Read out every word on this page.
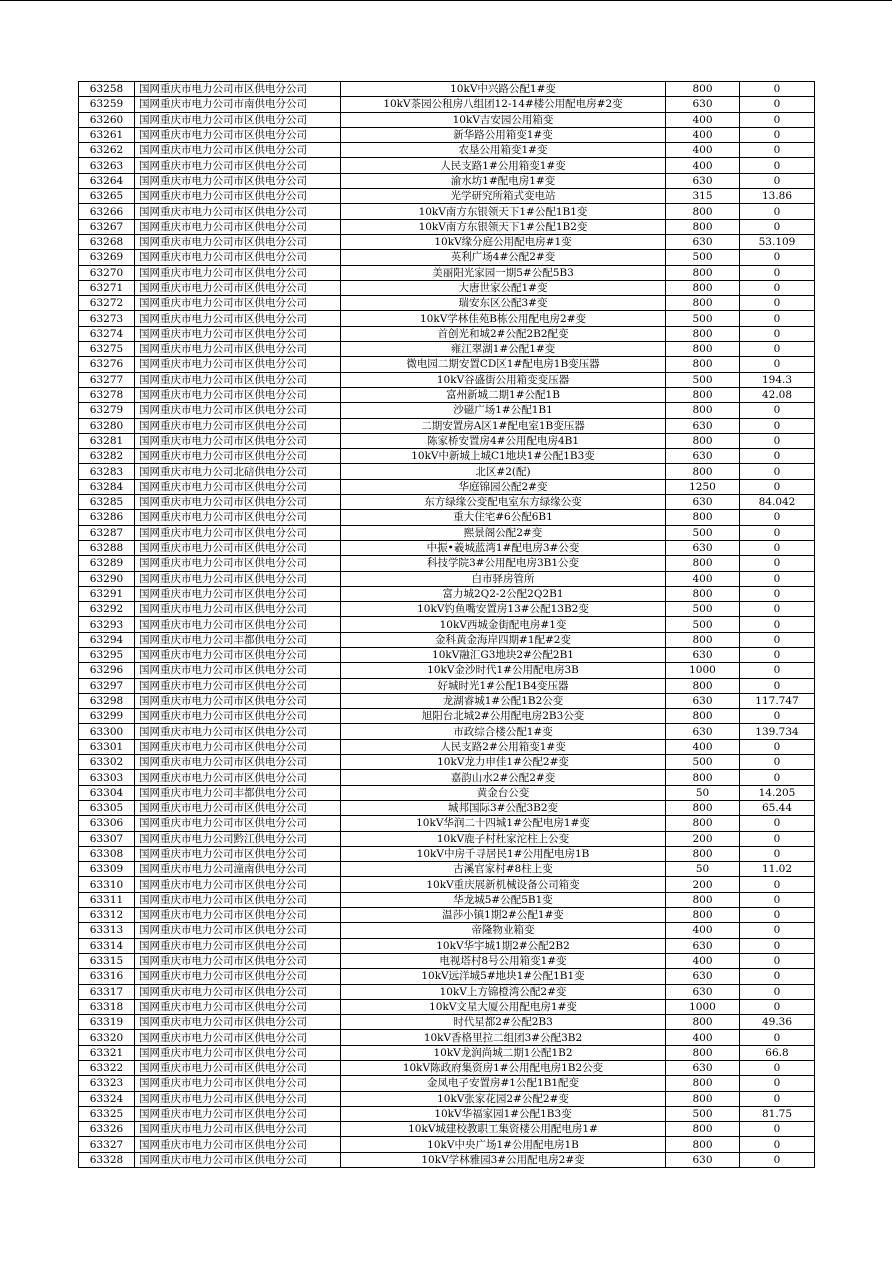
63258	国网重庆市电力公司市区供电分公司	10kV中兴路公配1#变	800	0
63259	国网重庆市电力公司市南供电分公司	10kV茶园公租房八组团12-14#楼公用配电房#2变	630	0
63260	国网重庆市电力公司市区供电分公司	10kV吉安园公用箱变	400	0
63261	国网重庆市电力公司市区供电分公司	新华路公用箱变1#变	400	0
63262	国网重庆市电力公司市区供电分公司	农垦公用箱变1#变	400	0
63263	国网重庆市电力公司市区供电分公司	人民支路1#公用箱变1#变	400	0
63264	国网重庆市电力公司市区供电分公司	渝水坊1#配电房1#变	630	0
63265	国网重庆市电力公司市区供电分公司	光学研究所箱式变电站	315	13.86
63266	国网重庆市电力公司市区供电分公司	10kV南方东银领天下1#公配1B1变	800	0
63267	国网重庆市电力公司市区供电分公司	10kV南方东银领天下1#公配1B2变	800	0
63268	国网重庆市电力公司市区供电分公司	10kV缘分庭公用配电房#1变	630	53.109
63269	国网重庆市电力公司市区供电分公司	英利广场4#公配2#变	500	0
63270	国网重庆市电力公司市区供电分公司	美丽阳光家园一期5#公配5B3	800	0
63271	国网重庆市电力公司市区供电分公司	大唐世家公配1#变	800	0
63272	国网重庆市电力公司市区供电分公司	瑞安东区公配3#变	800	0
63273	国网重庆市电力公司市区供电分公司	10kV学林佳苑B栋公用配电房2#变	500	0
63274	国网重庆市电力公司市区供电分公司	首创光和城2#公配2B2配变	800	0
63275	国网重庆市电力公司市区供电分公司	雍江翠湖1#公配1#变	800	0
63276	国网重庆市电力公司市区供电分公司	微电园二期安置CD区1#配电房1B变压器	800	0
63277	国网重庆市电力公司市区供电分公司	10kV谷盛街公用箱变变压器	500	194.3
63278	国网重庆市电力公司市区供电分公司	富州新城二期1#公配1B	800	42.08
63279	国网重庆市电力公司市区供电分公司	沙磁广场1#公配1B1	800	0
63280	国网重庆市电力公司市区供电分公司	二期安置房A区1#配电室1B变压器	630	0
63281	国网重庆市电力公司市区供电分公司	陈家桥安置房4#公用配电房4B1	800	0
63282	国网重庆市电力公司市区供电分公司	10kV中新城上城C1地块1#公配1B3变	630	0
63283	国网重庆市电力公司北碚供电分公司	北区#2(配)	800	0
63284	国网重庆市电力公司市区供电分公司	华庭锦园公配2#变	1250	0
63285	国网重庆市电力公司市区供电分公司	东方绿缘公变配电室东方绿缘公变	630	84.042
63286	国网重庆市电力公司市区供电分公司	重大住宅#6公配6B1	800	0
63287	国网重庆市电力公司市区供电分公司	熙景阁公配2#变	500	0
63288	国网重庆市电力公司市区供电分公司	中振•羲城蓝湾1#配电房3#公变	630	0
63289	国网重庆市电力公司市区供电分公司	科技学院3#公用配电房3B1公变	800	0
63290	国网重庆市电力公司市区供电分公司	白市驿房管所	400	0
63291	国网重庆市电力公司市区供电分公司	富力城2Q2-2公配2Q2B1	800	0
63292	国网重庆市电力公司市区供电分公司	10kV钓鱼嘴安置房13#公配13B2变	500	0
63293	国网重庆市电力公司市区供电分公司	10kV西城金街配电房#1变	500	0
63294	国网重庆市电力公司丰都供电分公司	金科黄金海岸四期#1配#2变	800	0
63295	国网重庆市电力公司市区供电分公司	10kV融汇G3地块2#公配2B1	630	0
63296	国网重庆市电力公司市区供电分公司	10kV金沙时代1#公用配电房3B	1000	0
63297	国网重庆市电力公司市区供电分公司	好城时光1#公配1B4变压器	800	0
63298	国网重庆市电力公司市区供电分公司	龙湖睿城1#公配1B2公变	630	117.747
63299	国网重庆市电力公司市区供电分公司	旭阳台北城2#公用配电房2B3公变	800	0
63300	国网重庆市电力公司市区供电分公司	市政综合楼公配1#变	630	139.734
63301	国网重庆市电力公司市区供电分公司	人民支路2#公用箱变1#变	400	0
63302	国网重庆市电力公司市区供电分公司	10kV龙力申佳1#公配2#变	500	0
63303	国网重庆市电力公司市区供电分公司	嘉韵山水2#公配2#变	800	0
63304	国网重庆市电力公司丰都供电分公司	黄金台公变	50	14.205
63305	国网重庆市电力公司市区供电分公司	城邦国际3#公配3B2变	800	65.44
63306	国网重庆市电力公司市区供电分公司	10kV华润二十四城1#公配电房1#变	800	0
63307	国网重庆市电力公司黔江供电分公司	10kV鹿子村杜家沱柱上公变	200	0
63308	国网重庆市电力公司市区供电分公司	10kV中房千寻居民1#公用配电房1B	800	0
63309	国网重庆市电力公司潼南供电分公司	古溪官家村#8柱上变	50	11.02
63310	国网重庆市电力公司市区供电分公司	10kV重庆展新机械设备公司箱变	200	0
63311	国网重庆市电力公司市区供电分公司	华龙城5#公配5B1变	800	0
63312	国网重庆市电力公司市区供电分公司	温莎小镇1期2#公配1#变	800	0
63313	国网重庆市电力公司市区供电分公司	帝隆物业箱变	400	0
63314	国网重庆市电力公司市区供电分公司	10kV华宇城1期2#公配2B2	630	0
63315	国网重庆市电力公司市区供电分公司	电视塔村8号公用箱变1#变	400	0
63316	国网重庆市电力公司市区供电分公司	10kV远洋城5#地块1#公配1B1变	630	0
63317	国网重庆市电力公司市区供电分公司	10kV上方锦橙湾公配2#变	630	0
63318	国网重庆市电力公司市区供电分公司	10kV文星大厦公用配电房1#变	1000	0
63319	国网重庆市电力公司市区供电分公司	时代星都2#公配2B3	800	49.36
63320	国网重庆市电力公司市区供电分公司	10kV香格里拉二组团3#公配3B2	400	0
63321	国网重庆市电力公司市区供电分公司	10kV龙润尚城二期1公配1B2	800	66.8
63322	国网重庆市电力公司市区供电分公司	10kV陈政府集资房1#公用配电房1B2公变	630	0
63323	国网重庆市电力公司市区供电分公司	金凤电子安置房#1公配1B1配变	800	0
63324	国网重庆市电力公司市区供电分公司	10kV张家花园2#公配2#变	800	0
63325	国网重庆市电力公司市区供电分公司	10kV华福家园1#公配1B3变	500	81.75
63326	国网重庆市电力公司市区供电分公司	10kV城建校教职工集资楼公用配电房1#	800	0
63327	国网重庆市电力公司市区供电分公司	10kV中央广场1#公用配电房1B	800	0
63328	国网重庆市电力公司市区供电分公司	10kV学林雅园3#公用配电房2#变	630	0
